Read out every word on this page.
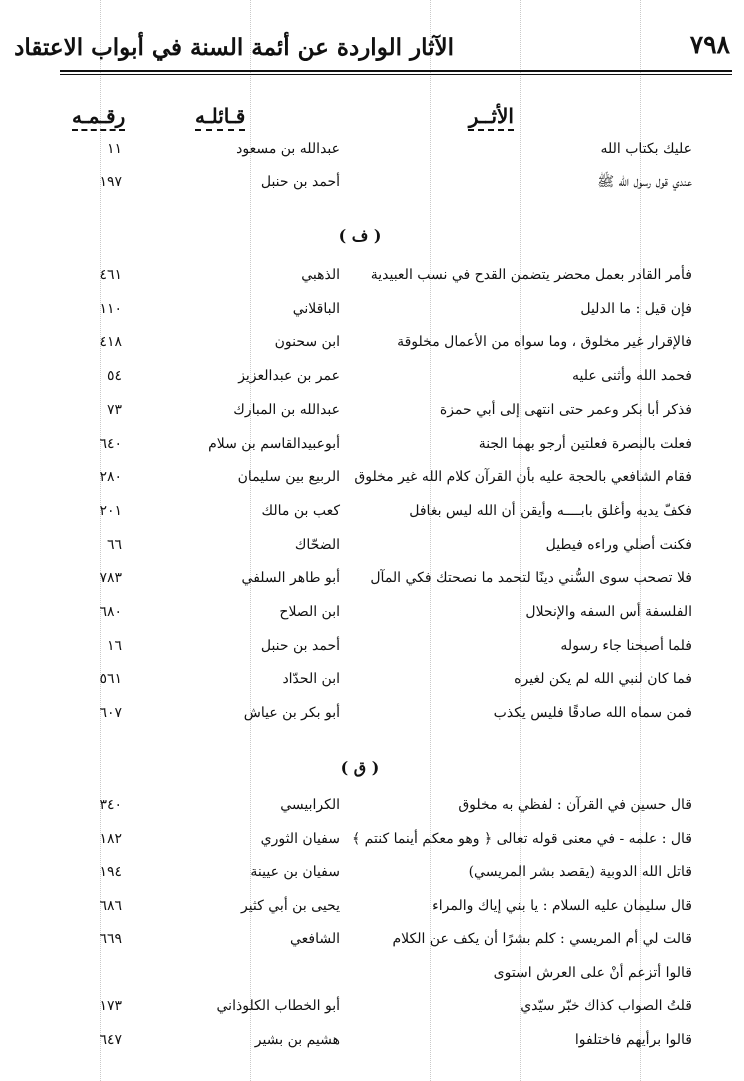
٧٩٨
الآثار الواردة عن أئمة السنة في أبواب الاعتقاد
الأثــر
قـائلـه
رقـمـه
عليك بكتاب الله
عبدالله بن مسعود
١١
عندي قول رسول الله ﷺ
أحمد بن حنبل
١٩٧
( ف )
فأمر القادر بعمل محضر يتضمن القدح في نسب العبيدية
الذهبي
٤٦١
فإن قيل : ما الدليل
الباقلاني
١١٠
فالإقرار غير مخلوق ، وما سواه من الأعمال مخلوقة
ابن سحنون
٤١٨
فحمد الله وأثنى عليه
عمر بن عبدالعزيز
٥٤
فذكر أبا بكر وعمر حتى انتهى إلى أبي حمزة
عبدالله بن المبارك
٧٣
فعلت بالبصرة فعلتين أرجو بهما الجنة
أبوعبيدالقاسم بن سلام
٦٤٠
فقام الشافعي بالحجة عليه بأن القرآن كلام الله غير مخلوق
الربيع بين سليمان
٢٨٠
فكفّ يديه وأغلق بابــــه وأيقن أن الله ليس بغافل
كعب بن مالك
٢٠١
فكنت أصلي وراءه فيطيل
الضحّاك
٦٦
فلا تصحب سوى السُّني دينًا لتحمد ما نصحتك فكي المآل
أبو طاهر السلفي
٧٨٣
الفلسفة أس السفه والإنحلال
ابن الصلاح
٦٨٠
فلما أصبحنا جاء رسوله
أحمد بن حنبل
١٦
فما كان لنبي الله لم يكن لغيره
ابن الحدّاد
٥٦١
فمن سماه الله صادقًا فليس يكذب
أبو بكر بن عياش
٦٠٧
( ق )
قال حسين في القرآن : لفظي به مخلوق
الكرابيسي
٣٤٠
قال : علمه - في معنى قوله تعالى ﴿ وهو معكم أينما كنتم ﴾
سفيان الثوري
١٨٢
قاتل الله الدوبية (يقصد بشر المريسي)
سفيان بن عيينة
١٩٤
قال سليمان عليه السلام : يا بني إياك والمراء
يحيى بن أبي كثير
٦٨٦
قالت لي أم المريسي : كلم بشرًا أن يكف عن الكلام
الشافعي
٦٦٩
قالوا أتزعم أنْ على العرش استوى
قلتُ الصواب كذاك خبّر سيّدي
أبو الخطاب الكلوذاني
١٧٣
قالوا برأيهم فاختلفوا
هشيم بن بشير
٦٤٧
